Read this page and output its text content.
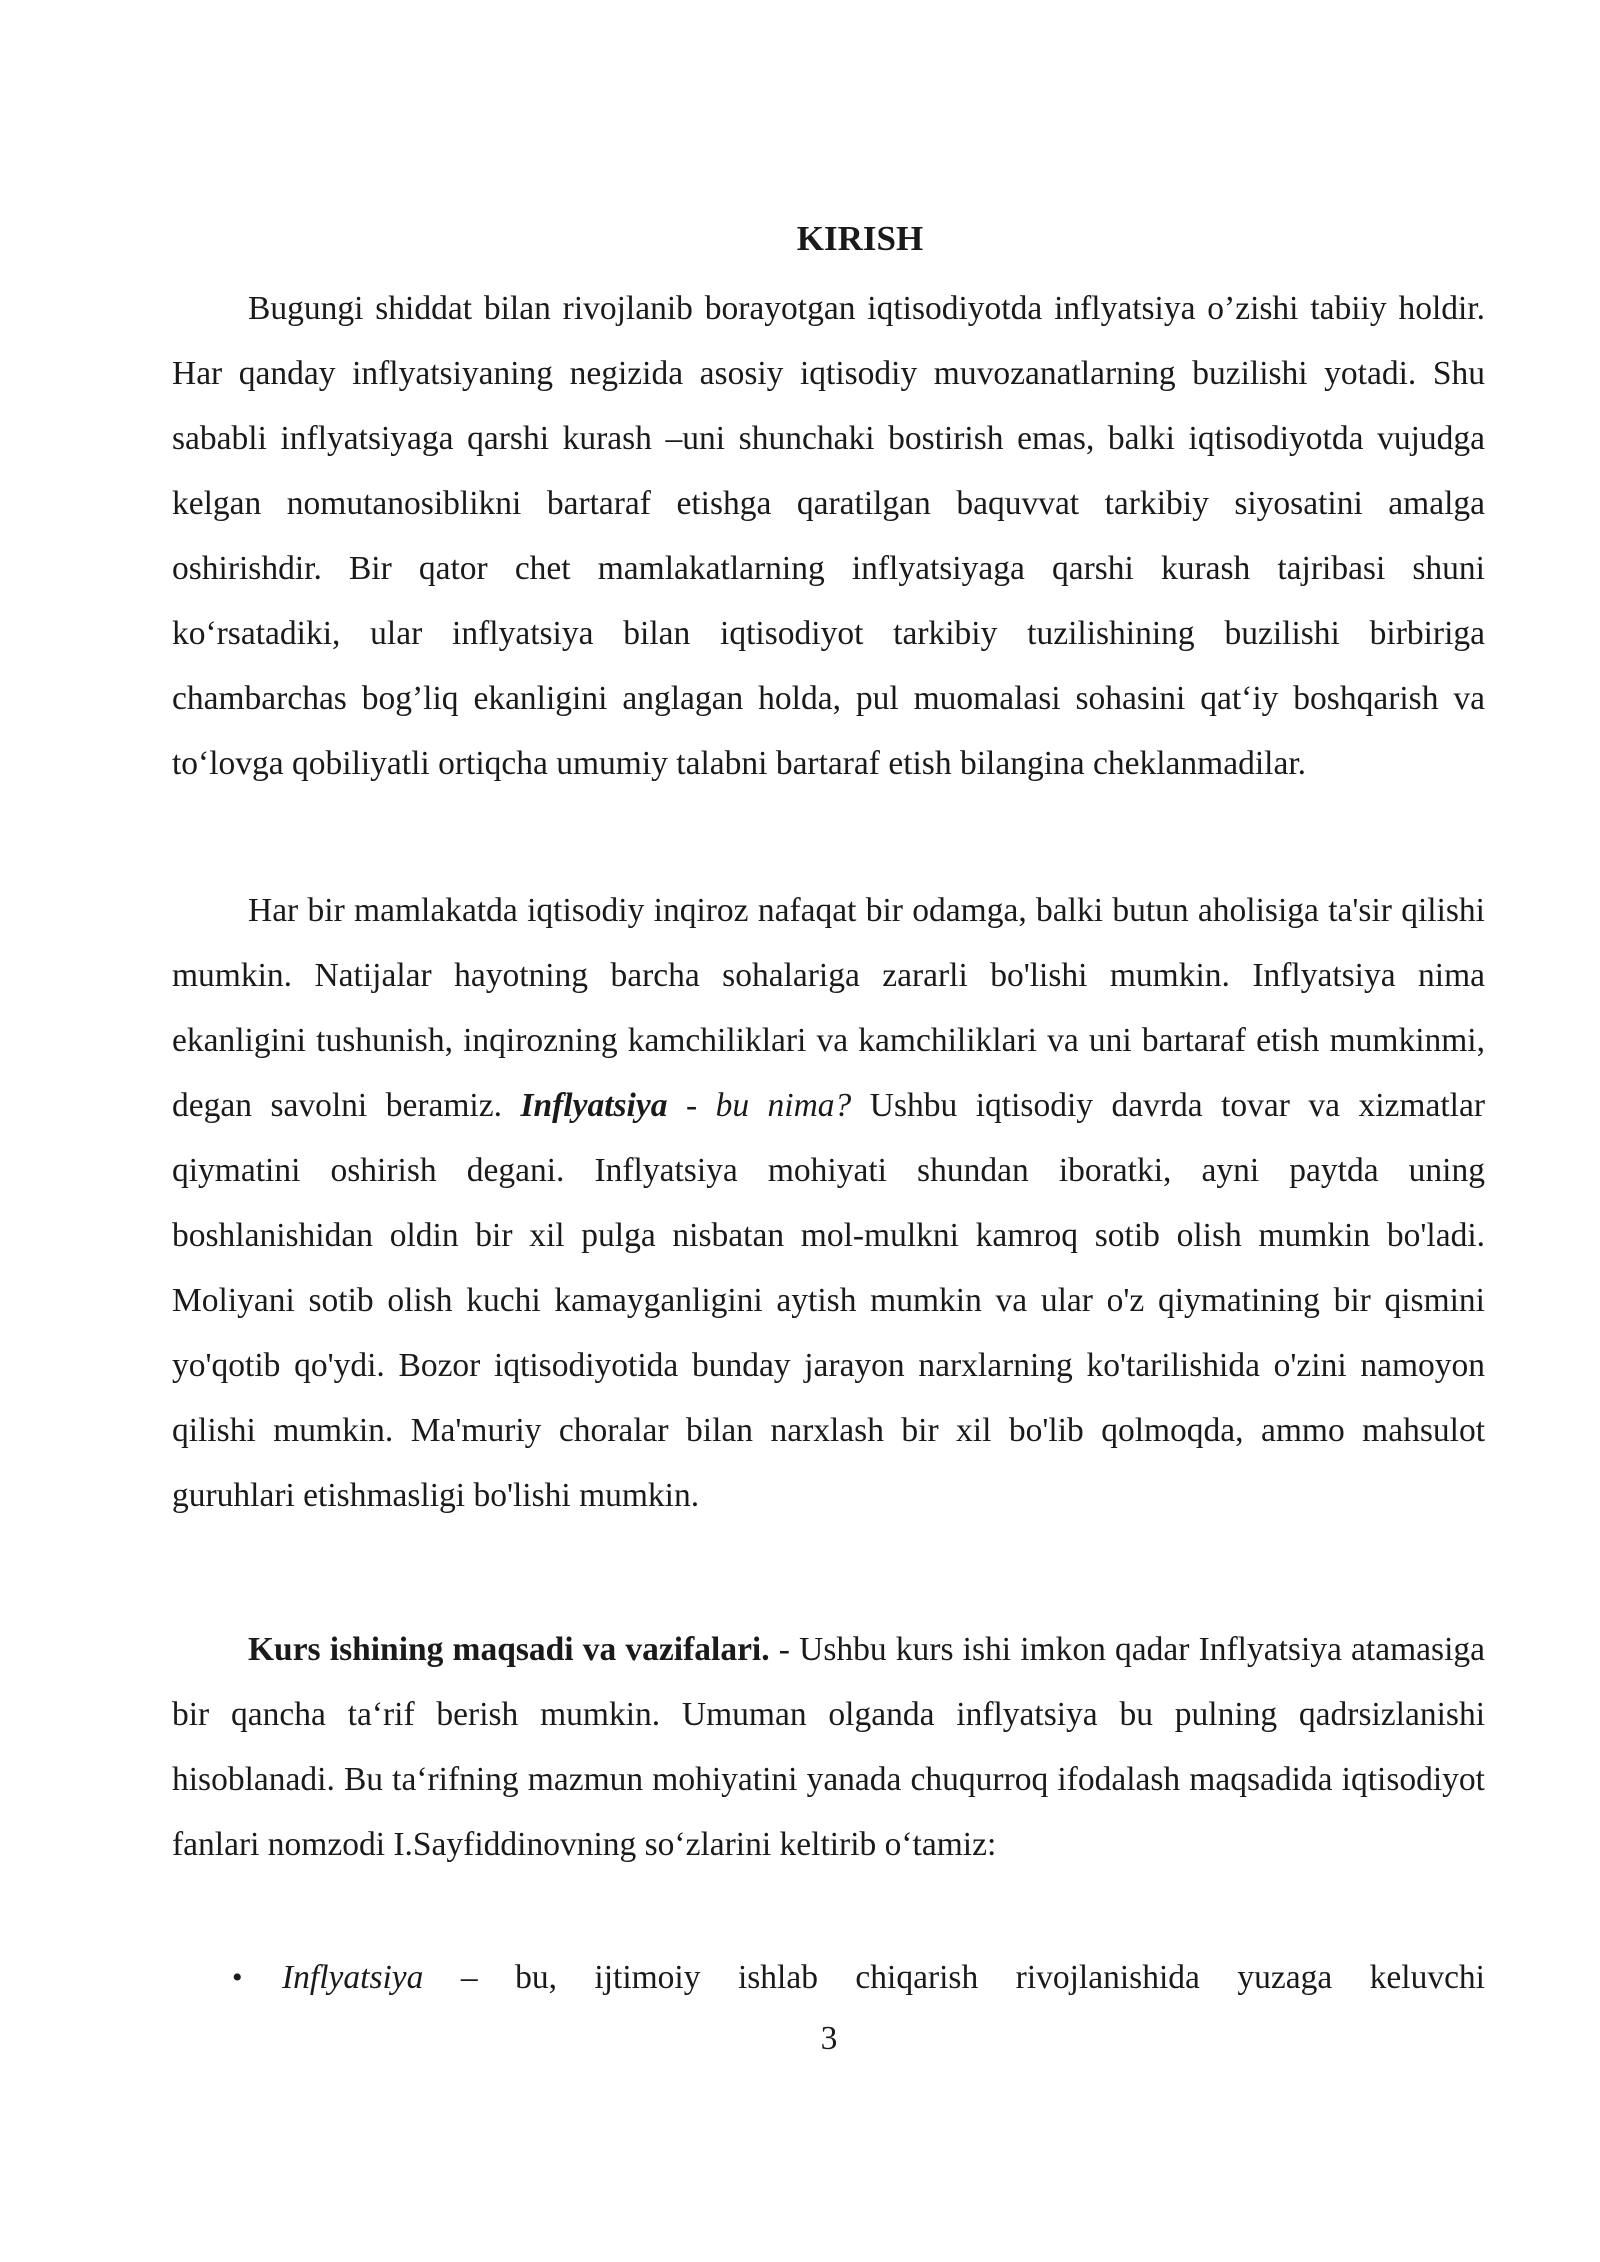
KIRISH

Bugungi shiddat bilan rivojlanib borayotgan iqtisodiyotda inflyatsiya o’zishi tabiiy holdir. Har qanday inflyatsiyaning negizida asosiy iqtisodiy muvozanatlarning buzilishi yotadi. Shu sababli inflyatsiyaga qarshi kurash –uni shunchaki bostirish emas, balki iqtisodiyotda vujudga kelgan nomutanosiblikni bartaraf etishga qaratilgan baquvvat tarkibiy siyosatini amalga oshirishdir. Bir qator chet mamlakatlarning inflyatsiyaga qarshi kurash tajribasi shuni ko‘rsatadiki, ular inflyatsiya bilan iqtisodiyot tarkibiy tuzilishining buzilishi birbiriga chambarchas bog’liq ekanligini anglagan holda, pul muomalasi sohasini qat‘iy boshqarish va to‘lovga qobiliyatli ortiqcha umumiy talabni bartaraf etish bilangina cheklanmadilar.

Har bir mamlakatda iqtisodiy inqiroz nafaqat bir odamga, balki butun aholisiga ta'sir qilishi mumkin. Natijalar hayotning barcha sohalariga zararli bo'lishi mumkin. Inflyatsiya nima ekanligini tushunish, inqirozning kamchiliklari va kamchiliklari va uni bartaraf etish mumkinmi, degan savolni beramiz. Inflyatsiya - bu nima? Ushbu iqtisodiy davrda tovar va xizmatlar qiymatini oshirish degani. Inflyatsiya mohiyati shundan iboratki, ayni paytda uning boshlanishidan oldin bir xil pulga nisbatan mol-mulkni kamroq sotib olish mumkin bo'ladi. Moliyani sotib olish kuchi kamayganligini aytish mumkin va ular o'z qiymatining bir qismini yo'qotib qo'ydi. Bozor iqtisodiyotida bunday jarayon narxlarning ko'tarilishida o'zini namoyon qilishi mumkin. Ma'muriy choralar bilan narxlash bir xil bo'lib qolmoqda, ammo mahsulot guruhlari etishmasligi bo'lishi mumkin.

Kurs ishining maqsadi va vazifalari. - Ushbu kurs ishi imkon qadar Inflyatsiya atamasiga bir qancha ta‘rif berish mumkin. Umuman olganda inflyatsiya bu pulning qadrsizlanishi hisoblanadi. Bu ta‘rifning mazmun mohiyatini yanada chuqurroq ifodalash maqsadida iqtisodiyot fanlari nomzodi I.Sayfiddinovning so‘zlarini keltirib o‘tamiz:

•	Inflyatsiya – bu, ijtimoiy ishlab chiqarish rivojlanishida yuzaga keluvchi
3
